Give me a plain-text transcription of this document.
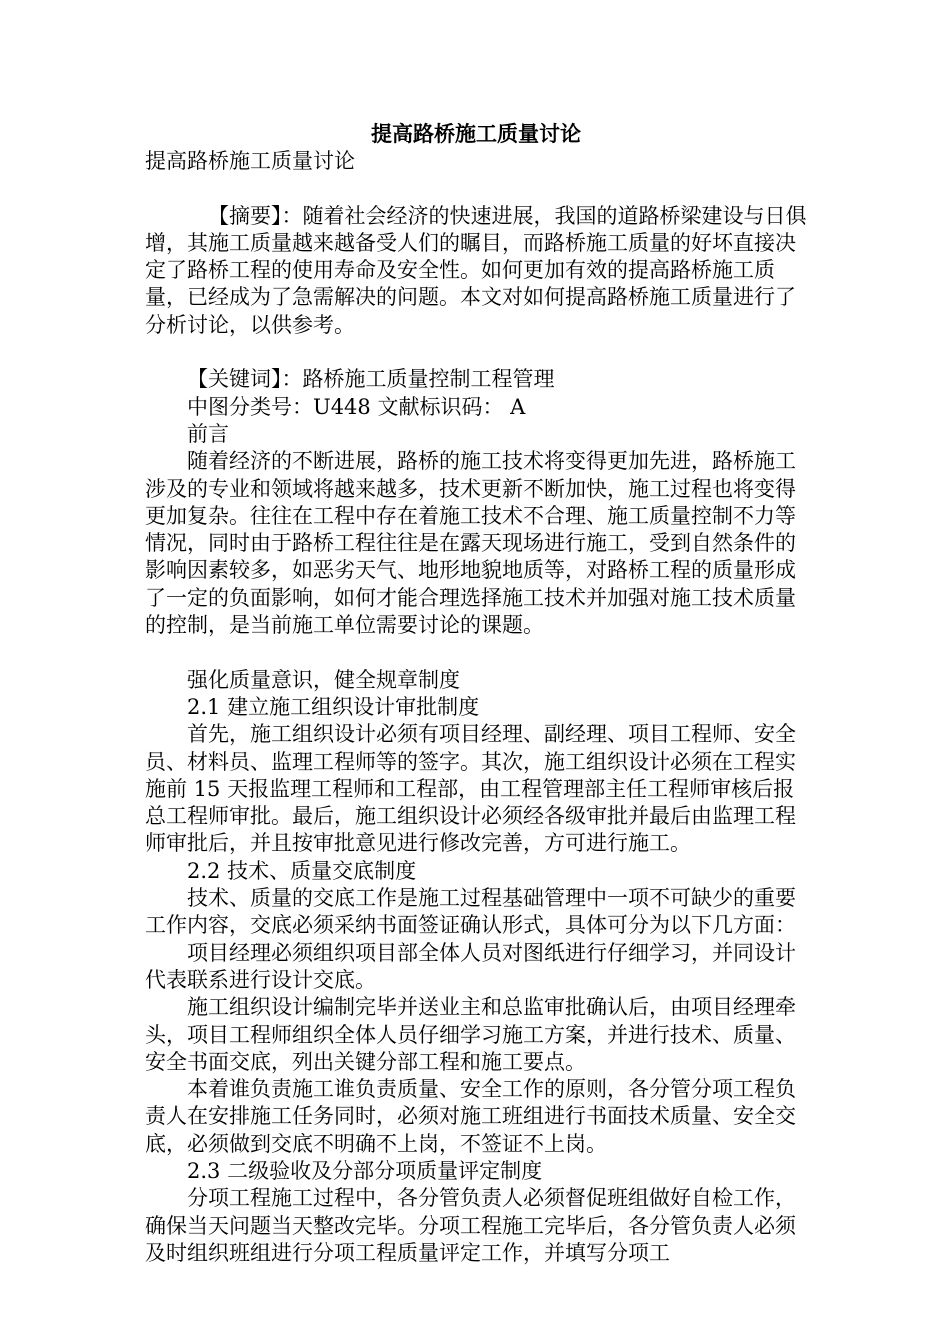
提高路桥施工质量讨论

提高路桥施工质量讨论

【摘要】：随着社会经济的快速进展，我国的道路桥梁建设与日俱增，其施工质量越来越备受人们的瞩目，而路桥施工质量的好坏直接决定了路桥工程的使用寿命及安全性。如何更加有效的提高路桥施工质量，已经成为了急需解决的问题。本文对如何提高路桥施工质量进行了分析讨论，以供参考。

【关键词】：路桥施工质量控制工程管理

中图分类号：U448 文献标识码： A

前言

随着经济的不断进展，路桥的施工技术将变得更加先进，路桥施工涉及的专业和领域将越来越多，技术更新不断加快，施工过程也将变得更加复杂。往往在工程中存在着施工技术不合理、施工质量控制不力等情况，同时由于路桥工程往往是在露天现场进行施工，受到自然条件的影响因素较多，如恶劣天气、地形地貌地质等，对路桥工程的质量形成了一定的负面影响，如何才能合理选择施工技术并加强对施工技术质量的控制，是当前施工单位需要讨论的课题。

强化质量意识，健全规章制度

2.1 建立施工组织设计审批制度

首先，施工组织设计必须有项目经理、副经理、项目工程师、安全员、材料员、监理工程师等的签字。其次，施工组织设计必须在工程实施前 15 天报监理工程师和工程部，由工程管理部主任工程师审核后报总工程师审批。最后，施工组织设计必须经各级审批并最后由监理工程师审批后，并且按审批意见进行修改完善，方可进行施工。

2.2 技术、质量交底制度

技术、质量的交底工作是施工过程基础管理中一项不可缺少的重要工作内容，交底必须采纳书面签证确认形式，具体可分为以下几方面：

项目经理必须组织项目部全体人员对图纸进行仔细学习，并同设计代表联系进行设计交底。

施工组织设计编制完毕并送业主和总监审批确认后，由项目经理牵头，项目工程师组织全体人员仔细学习施工方案，并进行技术、质量、安全书面交底，列出关键分部工程和施工要点。

本着谁负责施工谁负责质量、安全工作的原则，各分管分项工程负责人在安排施工任务同时，必须对施工班组进行书面技术质量、安全交底，必须做到交底不明确不上岗，不签证不上岗。

2.3 二级验收及分部分项质量评定制度

分项工程施工过程中，各分管负责人必须督促班组做好自检工作，确保当天问题当天整改完毕。分项工程施工完毕后，各分管负责人必须及时组织班组进行分项工程质量评定工作，并填写分项工
